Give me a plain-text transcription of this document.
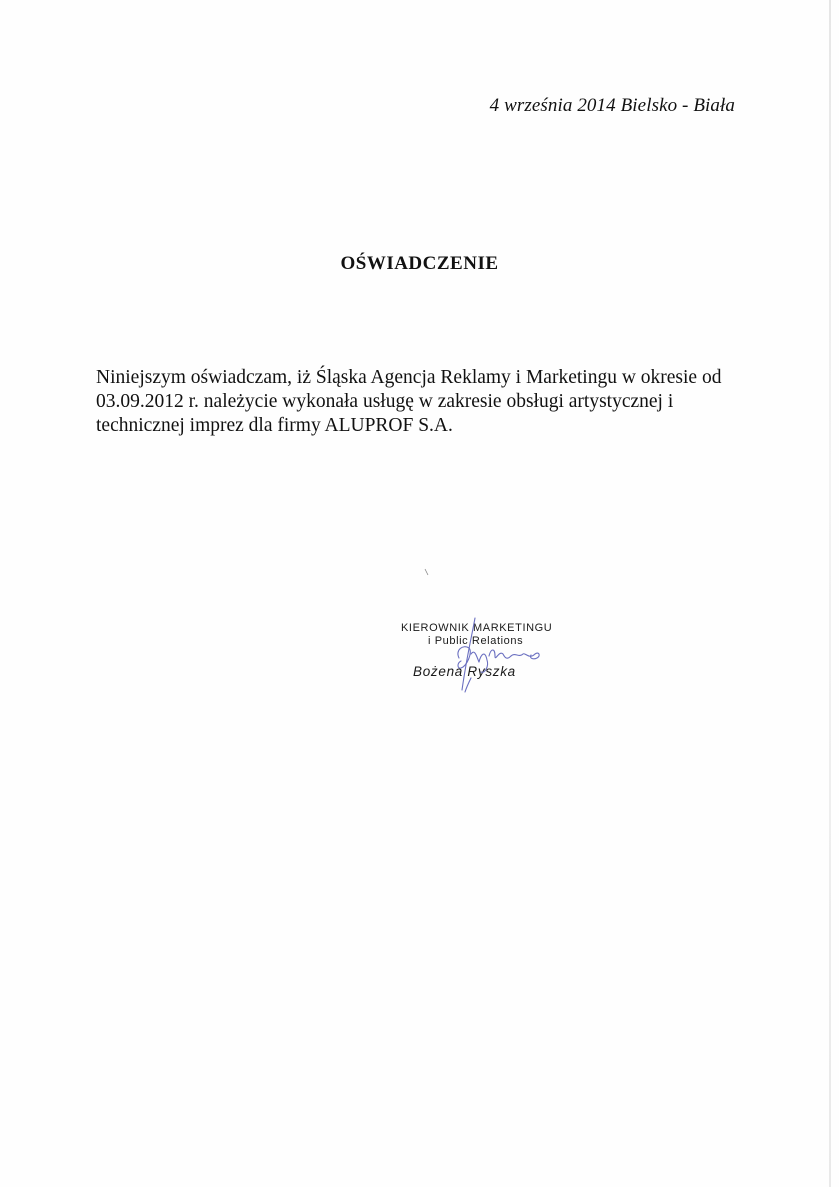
4 września 2014 Bielsko - Biała
OŚWIADCZENIE
Niniejszym oświadczam, iż Śląska Agencja Reklamy i Marketingu w okresie od
03.09.2012 r. należycie wykonała usługę w zakresie obsługi artystycznej i
technicznej imprez dla firmy ALUPROF S.A.
KIEROWNIK MARKETINGU
i Public Relations
Bożena Ryszka
